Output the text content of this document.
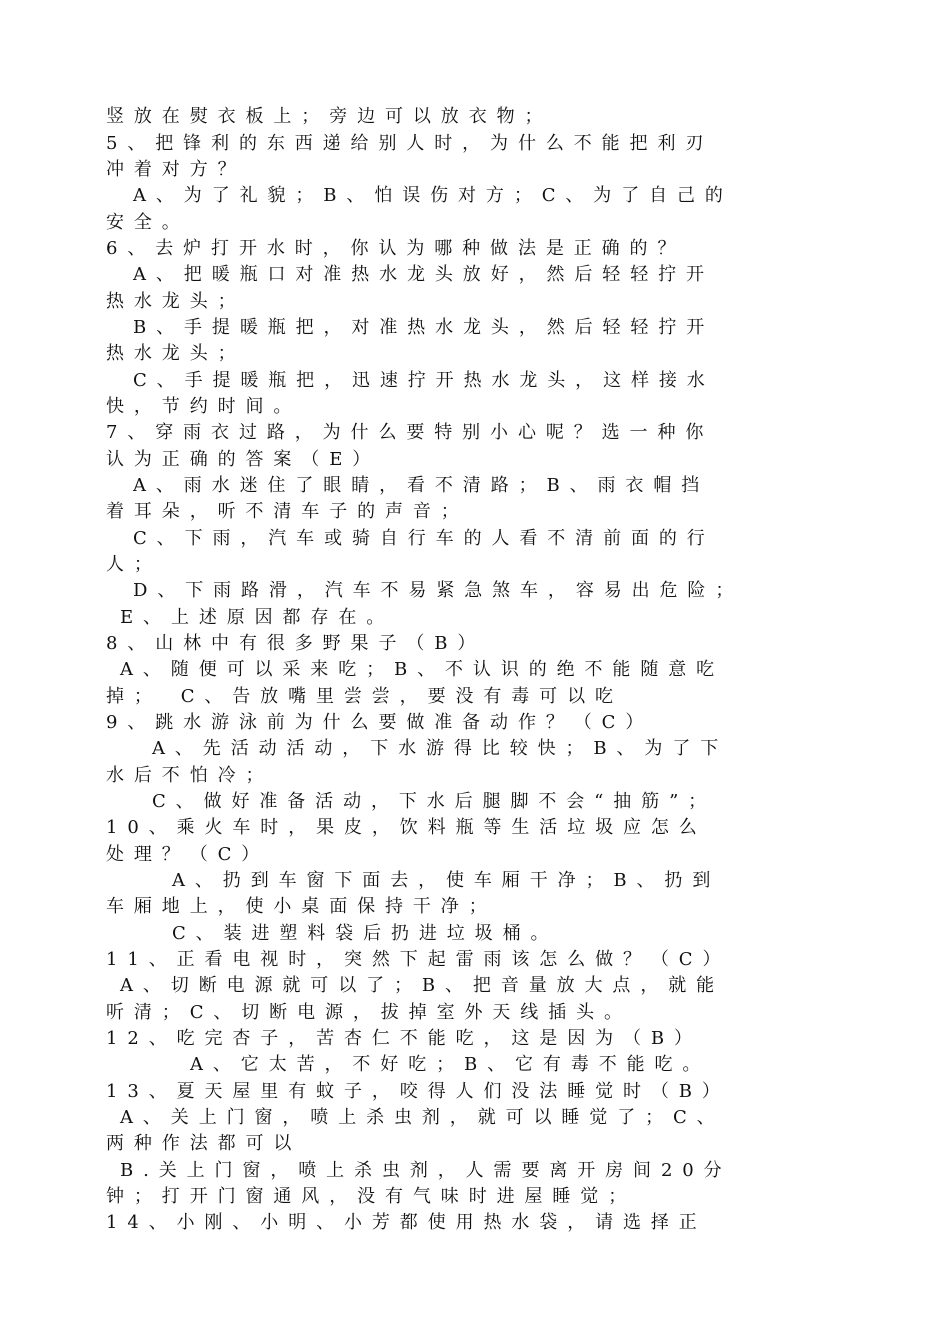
竖放在熨衣板上；旁边可以放衣物；
5、把锋利的东西递给别人时，为什么不能把利刃
冲着对方？
A、为了礼貌；B、怕误伤对方；C、为了自己的
安全。
6、去炉打开水时，你认为哪种做法是正确的？
A、把暖瓶口对准热水龙头放好，然后轻轻拧开
热水龙头；
B、手提暖瓶把，对准热水龙头，然后轻轻拧开
热水龙头；
C、手提暖瓶把，迅速拧开热水龙头，这样接水
快，节约时间。
7、穿雨衣过路，为什么要特别小心呢？选一种你
认为正确的答案（E）
A、雨水迷住了眼睛，看不清路；B、雨衣帽挡
着耳朵，听不清车子的声音；
C、下雨，汽车或骑自行车的人看不清前面的行
人；
D、下雨路滑，汽车不易紧急煞车，容易出危险；
E、上述原因都存在。
8、山林中有很多野果子（B）
A、随便可以采来吃；B、不认识的绝不能随意吃
掉；　C、告放嘴里尝尝，要没有毒可以吃
9、跳水游泳前为什么要做准备动作？（C）
A、先活动活动，下水游得比较快；B、为了下
水后不怕冷；
C、做好准备活动，下水后腿脚不会“抽筋”；
10、乘火车时，果皮，饮料瓶等生活垃圾应怎么
处理？（C）
A、扔到车窗下面去，使车厢干净；B、扔到
车厢地上，使小桌面保持干净；
C、装进塑料袋后扔进垃圾桶。
11、正看电视时，突然下起雷雨该怎么做？（C）
A、切断电源就可以了；B、把音量放大点，就能
听清；C、切断电源，拔掉室外天线插头。
12、吃完杏子，苦杏仁不能吃，这是因为（B）
A、它太苦，不好吃；B、它有毒不能吃。
13、夏天屋里有蚊子，咬得人们没法睡觉时（B）
A、关上门窗，喷上杀虫剂，就可以睡觉了；C、
两种作法都可以
B.关上门窗，喷上杀虫剂，人需要离开房间20分
钟；打开门窗通风，没有气味时进屋睡觉；
14、小刚、小明、小芳都使用热水袋，请选择正
